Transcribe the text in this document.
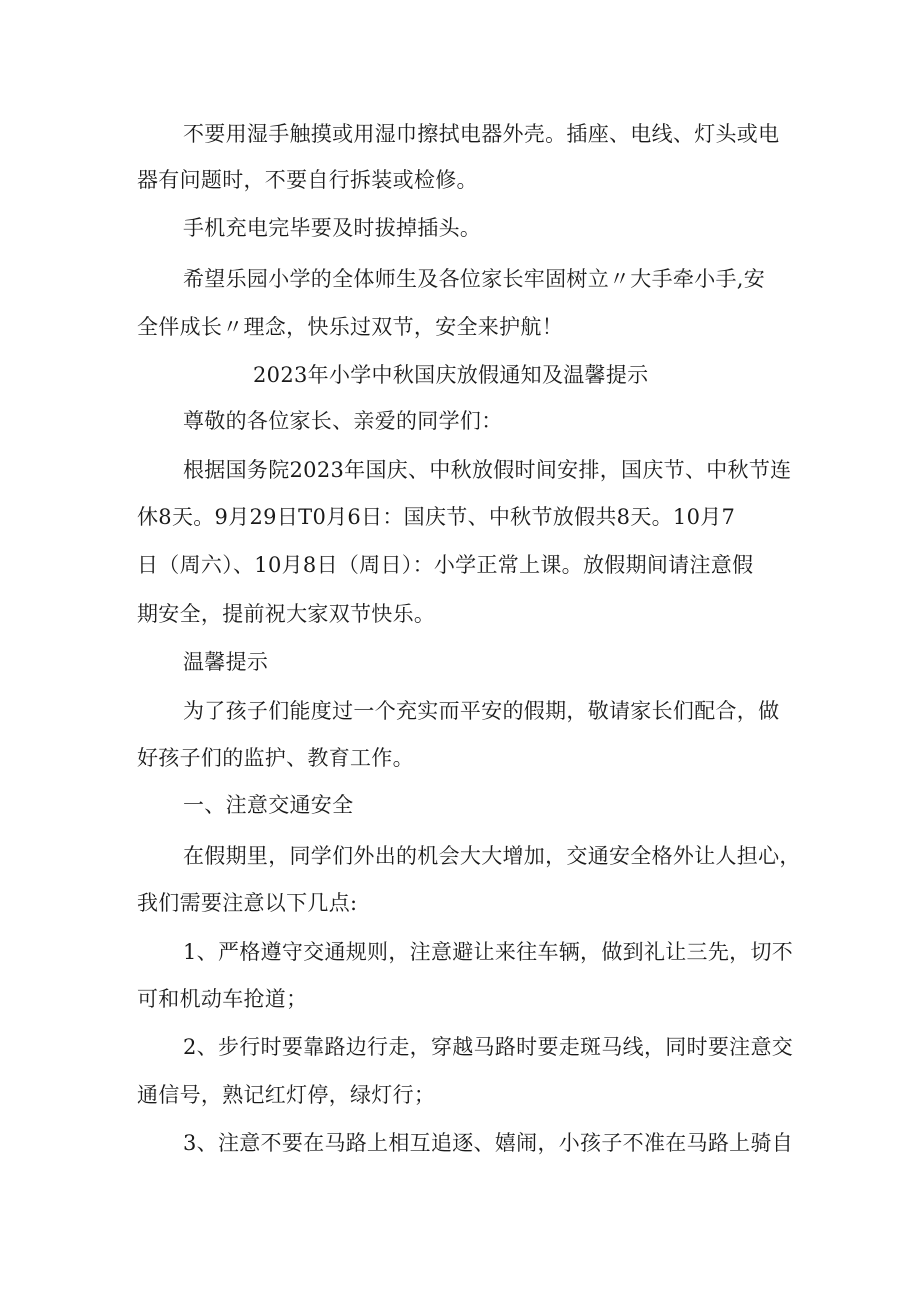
不要用湿手触摸或用湿巾擦拭电器外壳。插座、电线、灯头或电
器有问题时，不要自行拆装或检修。
手机充电完毕要及时拔掉插头。
希望乐园小学的全体师生及各位家长牢固树立〃大手牵小手,安
全伴成长〃理念，快乐过双节，安全来护航！
2023年小学中秋国庆放假通知及温馨提示
尊敬的各位家长、亲爱的同学们：
根据国务院2023年国庆、中秋放假时间安排，国庆节、中秋节连
休8天。9月29日T0月6日：国庆节、中秋节放假共8天。10月7
日（周六）、10月8日（周日）：小学正常上课。放假期间请注意假
期安全，提前祝大家双节快乐。
温馨提示
为了孩子们能度过一个充实而平安的假期，敬请家长们配合，做
好孩子们的监护、教育工作。
一、注意交通安全
在假期里，同学们外出的机会大大增加，交通安全格外让人担心，
我们需要注意以下几点:
1、严格遵守交通规则，注意避让来往车辆，做到礼让三先，切不
可和机动车抢道；
2、步行时要靠路边行走，穿越马路时要走斑马线，同时要注意交
通信号，熟记红灯停，绿灯行；
3、注意不要在马路上相互追逐、嬉闹，小孩子不准在马路上骑自
